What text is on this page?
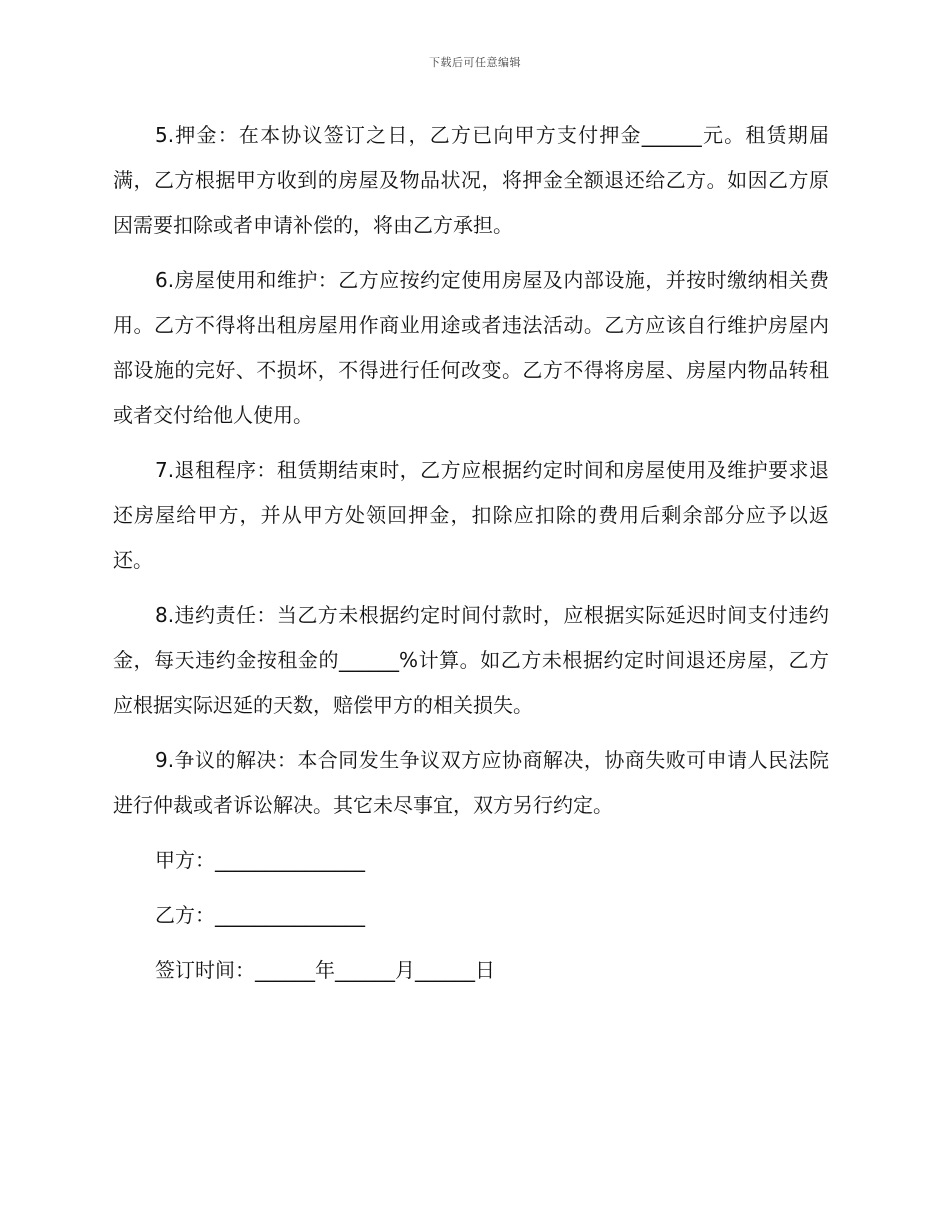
下载后可任意编辑

5.押金：在本协议签订之日，乙方已向甲方支付押金______元。租赁期届满，乙方根据甲方收到的房屋及物品状况，将押金全额退还给乙方。如因乙方原因需要扣除或者申请补偿的，将由乙方承担。

6.房屋使用和维护：乙方应按约定使用房屋及内部设施，并按时缴纳相关费用。乙方不得将出租房屋用作商业用途或者违法活动。乙方应该自行维护房屋内部设施的完好、不损坏，不得进行任何改变。乙方不得将房屋、房屋内物品转租或者交付给他人使用。

7.退租程序：租赁期结束时，乙方应根据约定时间和房屋使用及维护要求退还房屋给甲方，并从甲方处领回押金，扣除应扣除的费用后剩余部分应予以返还。

8.违约责任：当乙方未根据约定时间付款时，应根据实际延迟时间支付违约金，每天违约金按租金的______%计算。如乙方未根据约定时间退还房屋，乙方应根据实际迟延的天数，赔偿甲方的相关损失。

9.争议的解决：本合同发生争议双方应协商解决，协商失败可申请人民法院进行仲裁或者诉讼解决。其它未尽事宜，双方另行约定。

甲方：_______________

乙方：_______________

签订时间：______年______月______日
